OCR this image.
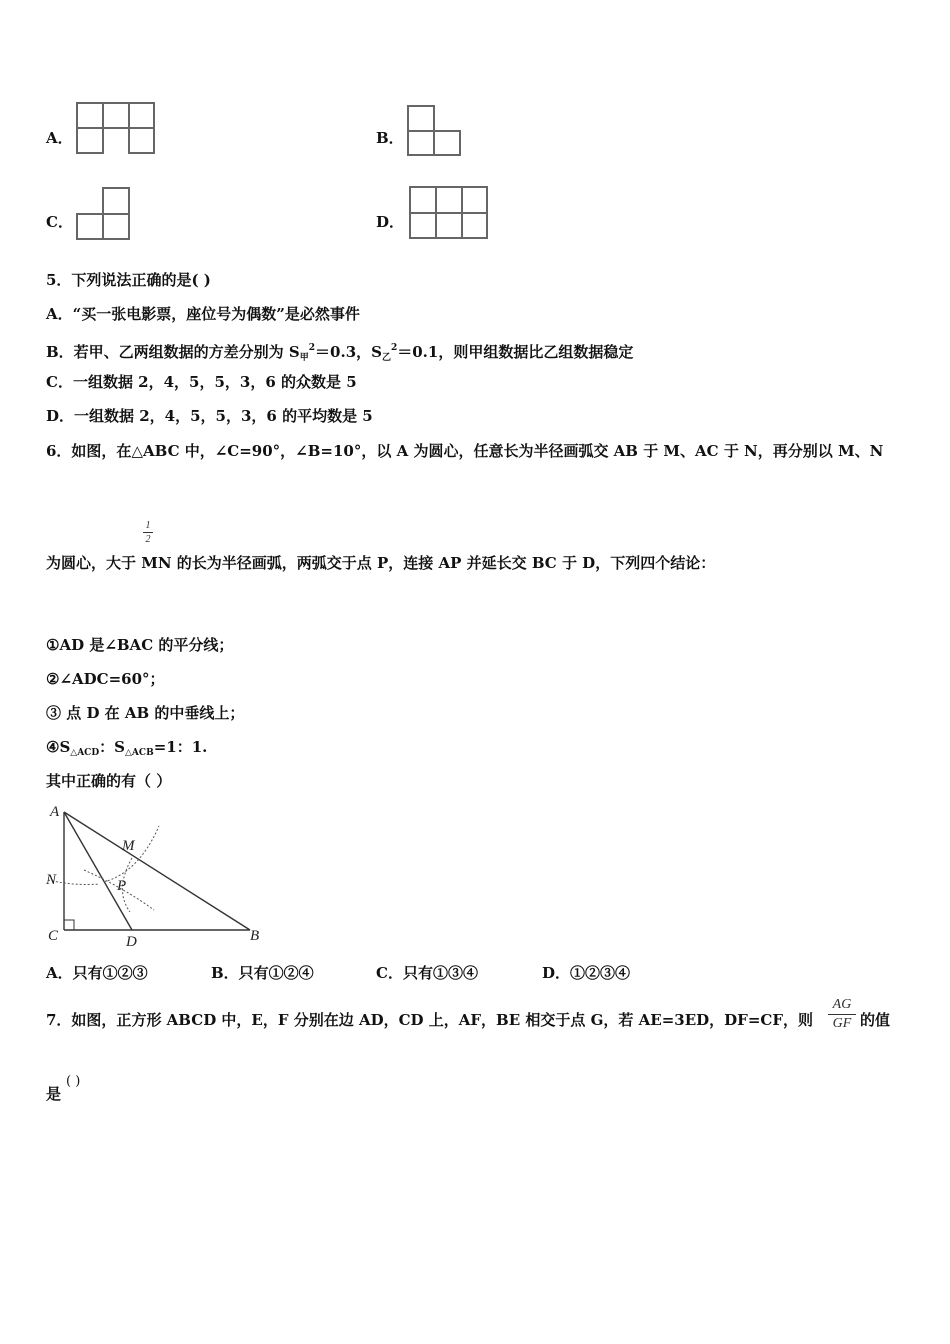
A．	B．
C．	D．
5．下列说法正确的是( )
A．“买一张电影票，座位号为偶数”是必然事件
B．若甲、乙两组数据的方差分别为 $S_甲^2=0.3$，$S_乙^2=0.1$，则甲组数据比乙组数据稳定
C．一组数据 2，4，5，5，3，6 的众数是 5
D．一组数据 2，4，5，5，3，6 的平均数是 5
6．如图，在△ABC 中，∠C=90°，∠B=10°，以 A 为圆心，任意长为半径画弧交 AB 于 M、AC 于 N，再分别以 M、N
1
2
为圆心，大于 MN 的长为半径画弧，两弧交于点 P，连接 AP 并延长交 BC 于 D，下列四个结论：
①AD 是∠BAC 的平分线；
②∠ADC=60°；
③ 点 D 在 AB 的中垂线上；
$④S_{\triangle ACD}$：$S_{\triangle ACB}=1$：1.
其中正确的有（ ）
A
M
N	P
C	D	B
A．只有①②③	B．只有①②④	C．只有①③④	D．①②③④
7．如图，正方形 ABCD 中，E，F 分别在边 AD，CD 上，AF，BE 相交于点 G，若 AE=3ED，DF=CF，则
AG
GF 的值
是
( )
